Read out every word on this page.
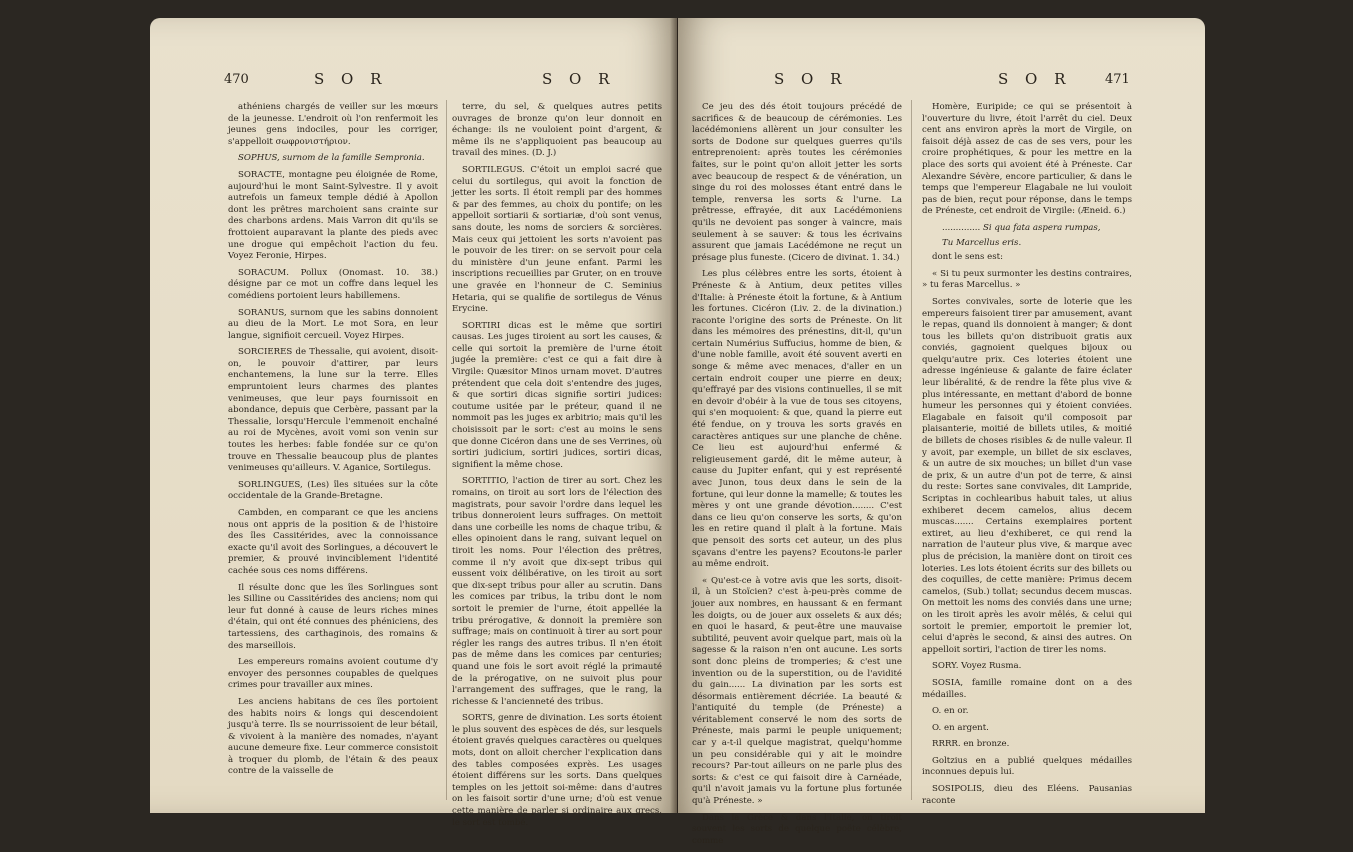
470	S O R	S O R

athéniens chargés de veiller sur les mœurs de la jeunesse. L'endroit où l'on renfermoit les jeunes gens indociles, pour les corriger, s'appelloit σωφρονιστήριον.

SOPHUS, surnom de la famille Sempronia.

SORACTE, montagne peu éloignée de Rome, aujourd'hui le mont Saint-Sylvestre. Il y avoit autrefois un fameux temple dédié à Apollon dont les prêtres marchoient sans crainte sur des charbons ardens. Mais Varron dit qu'ils se frottoient auparavant la plante des pieds avec une drogue qui empêchoit l'action du feu. Voyez Feronie, Hirpes.

SORACUM. Pollux (Onomast. 10. 38.) désigne par ce mot un coffre dans lequel les comédiens portoient leurs habillemens.

SORANUS, surnom que les sabins donnoient au dieu de la Mort. Le mot Sora, en leur langue, signifioit cercueil. Voyez Hirpes.

SORCIERES de Thessalie, qui avoient, disoit-on, le pouvoir d'attirer, par leurs enchantemens, la lune sur la terre. Elles empruntoient leurs charmes des plantes venimeuses, que leur pays fournissoit en abondance, depuis que Cerbère, passant par la Thessalie, lorsqu'Hercule l'emmenoit enchaîné au roi de Mycènes, avoit vomi son venin sur toutes les herbes: fable fondée sur ce qu'on trouve en Thessalie beaucoup plus de plantes venimeuses qu'ailleurs. V. Aganice, Sortilegus.

SORLINGUES, (Les) îles situées sur la côte occidentale de la Grande-Bretagne.

Cambden, en comparant ce que les anciens nous ont appris de la position & de l'histoire des îles Cassitérides, avec la connoissance exacte qu'il avoit des Sorlingues, a découvert le premier, & prouvé invinciblement l'identité cachée sous ces noms différens.

Il résulte donc que les îles Sorlingues sont les Silline ou Cassitérides des anciens; nom qui leur fut donné à cause de leurs riches mines d'étain, qui ont été connues des phéniciens, des tartessiens, des carthaginois, des romains & des marseillois.

Les empereurs romains avoient coutume d'y envoyer des personnes coupables de quelques crimes pour travailler aux mines.

Les anciens habitans de ces îles portoient des habits noirs & longs qui descendoient jusqu'à terre. Ils se nourrissoient de leur bétail, & vivoient à la manière des nomades, n'ayant aucune demeure fixe. Leur commerce consistoit à troquer du plomb, de l'étain & des peaux contre de la vaisselle de

terre, du sel, & quelques autres petits ouvrages de bronze qu'on leur donnoit en échange: ils ne vouloient point d'argent, & même ils ne s'appliquoient pas beaucoup au travail des mines. (D. J.)

SORTILEGUS. C'étoit un emploi sacré que celui du sortilegus, qui avoit la fonction de jetter les sorts. Il étoit rempli par des hommes & par des femmes, au choix du pontife; on les appelloit sortiarii & sortiariæ, d'où sont venus, sans doute, les noms de sorciers & sorcières. Mais ceux qui jettoient les sorts n'avoient pas le pouvoir de les tirer: on se servoit pour cela du ministère d'un jeune enfant. Parmi les inscriptions recueillies par Gruter, on en trouve une gravée en l'honneur de C. Seminius Hetaria, qui se qualifie de sortilegus de Vénus Erycine.

SORTIRI dicas est le même que sortiri causas. Les juges tiroient au sort les causes, & celle qui sortoit la première de l'urne étoit jugée la première: c'est ce qui a fait dire à Virgile: Quæsitor Minos urnam movet. D'autres prétendent que cela doit s'entendre des juges, & que sortiri dicas signifie sortiri judices: coutume usitée par le préteur, quand il ne nommoit pas les juges ex arbitrio; mais qu'il les choisissoit par le sort: c'est au moins le sens que donne Cicéron dans une de ses Verrines, où sortiri judicium, sortiri judices, sortiri dicas, signifient la même chose.

SORTITIO, l'action de tirer au sort. Chez les romains, on tiroit au sort lors de l'élection des magistrats, pour savoir l'ordre dans lequel les tribus donneroient leurs suffrages. On mettoit dans une corbeille les noms de chaque tribu, & elles opinoient dans le rang, suivant lequel on tiroit les noms. Pour l'élection des prêtres, comme il n'y avoit que dix-sept tribus qui eussent voix délibérative, on les tiroit au sort que dix-sept tribus pour aller au scrutin. Dans les comices par tribus, la tribu dont le nom sortoit le premier de l'urne, étoit appellée la tribu prérogative, & donnoit la première son suffrage; mais on continuoit à tirer au sort pour régler les rangs des autres tribus. Il n'en étoit pas de même dans les comices par centuries; quand une fois le sort avoit réglé la primauté de la prérogative, on ne suivoit plus pour l'arrangement des suffrages, que le rang, la richesse & l'ancienneté des tribus.

SORTS, genre de divination. Les sorts étoient le plus souvent des espèces de dés, sur lesquels étoient gravés quelques caractères ou quelques mots, dont on alloit chercher l'explication dans des tables composées exprès. Les usages étoient différens sur les sorts. Dans quelques temples on les jettoit soi-même: dans d'autres on les faisoit sortir d'une urne; d'où est venue cette manière de parler si ordinaire aux grecs, le sort est tombé.

S O R	S O R	471

Ce jeu des dés étoit toujours précédé de sacrifices & de beaucoup de cérémonies. Les lacédémoniens allèrent un jour consulter les sorts de Dodone sur quelques guerres qu'ils entreprenoient: après toutes les cérémonies faites, sur le point qu'on alloit jetter les sorts avec beaucoup de respect & de vénération, un singe du roi des molosses étant entré dans le temple, renversa les sorts & l'urne. La prêtresse, effrayée, dit aux Lacédémoniens qu'ils ne devoient pas songer à vaincre, mais seulement à se sauver: & tous les écrivains assurent que jamais Lacédémone ne reçut un présage plus funeste. (Cicero de divinat. 1. 34.)

Les plus célèbres entre les sorts, étoient à Préneste & à Antium, deux petites villes d'Italie: à Préneste étoit la fortune, & à Antium les fortunes. Cicéron (Liv. 2. de la divination.) raconte l'origine des sorts de Préneste. On lit dans les mémoires des prénestins, dit-il, qu'un certain Numérius Suffucius, homme de bien, & d'une noble famille, avoit été souvent averti en songe & même avec menaces, d'aller en un certain endroit couper une pierre en deux; qu'effrayé par des visions continuelles, il se mit en devoir d'obéir à la vue de tous ses citoyens, qui s'en moquoient: & que, quand la pierre eut été fendue, on y trouva les sorts gravés en caractères antiques sur une planche de chêne. Ce lieu est aujourd'hui enfermé & religieusement gardé, dit le même auteur, à cause du Jupiter enfant, qui y est représenté avec Junon, tous deux dans le sein de la fortune, qui leur donne la mamelle; & toutes les mères y ont une grande dévotion........ C'est dans ce lieu qu'on conserve les sorts, & qu'on les en retire quand il plaît à la fortune. Mais que pensoit des sorts cet auteur, un des plus sçavans d'entre les payens? Ecoutons-le parler au même endroit.

« Qu'est-ce à votre avis que les sorts, disoit-il, à un Stoïcien? c'est à-peu-près comme de jouer aux nombres, en haussant & en fermant les doigts, ou de jouer aux osselets & aux dés; en quoi le hasard, & peut-être une mauvaise subtilité, peuvent avoir quelque part, mais où la sagesse & la raison n'en ont aucune. Les sorts sont donc pleins de tromperies; & c'est une invention ou de la superstition, ou de l'avidité du gain...... La divination par les sorts est désormais entièrement décriée. La beauté & l'antiquité du temple (de Préneste) a véritablement conservé le nom des sorts de Préneste, mais parmi le peuple uniquement; car y a-t-il quelque magistrat, quelqu'homme un peu considérable qui y ait le moindre recours? Par-tout ailleurs on ne parle plus des sorts: & c'est ce qui faisoit dire à Carnéade, qu'il n'avoit jamais vu la fortune plus fortunée qu'à Préneste. »

Dans la Grèce & dans l'Italie, on tiroit souvent les sorts de quelque poëte célèbre, comme

Homère, Euripide; ce qui se présentoit à l'ouverture du livre, étoit l'arrêt du ciel. Deux cent ans environ après la mort de Virgile, on faisoit déjà assez de cas de ses vers, pour les croire prophétiques, & pour les mettre en la place des sorts qui avoient été à Préneste. Car Alexandre Sévère, encore particulier, & dans le temps que l'empereur Elagabale ne lui vouloit pas de bien, reçut pour réponse, dans le temps de Préneste, cet endroit de Virgile: (Æneid. 6.)

.............. Si qua fata aspera rumpas,

Tu Marcellus eris.

dont le sens est:

« Si tu peux surmonter les destins contraires, » tu feras Marcellus. »

Sortes convivales, sorte de loterie que les empereurs faisoient tirer par amusement, avant le repas, quand ils donnoient à manger; & dont tous les billets qu'on distribuoit gratis aux conviés, gagnoient quelques bijoux ou quelqu'autre prix. Ces loteries étoient une adresse ingénieuse & galante de faire éclater leur libéralité, & de rendre la fête plus vive & plus intéressante, en mettant d'abord de bonne humeur les personnes qui y étoient conviées. Elagabale en faisoit qu'il composoit par plaisanterie, moitié de billets utiles, & moitié de billets de choses risibles & de nulle valeur. Il y avoit, par exemple, un billet de six esclaves, & un autre de six mouches; un billet d'un vase de prix, & un autre d'un pot de terre, & ainsi du reste: Sortes sane convivales, dit Lampride, Scriptas in cochlearibus habuit tales, ut alius exhiberet decem camelos, alius decem muscas....... Certains exemplaires portent extiret, au lieu d'exhiberet, ce qui rend la narration de l'auteur plus vive, & marque avec plus de précision, la manière dont on tiroit ces loteries. Les lots étoient écrits sur des billets ou des coquilles, de cette manière: Primus decem camelos, (Sub.) tollat; secundus decem muscas. On mettoit les noms des conviés dans une urne; on les tiroit après les avoir mêlés, & celui qui sortoit le premier, emportoit le premier lot, celui d'après le second, & ainsi des autres. On appelloit sortiri, l'action de tirer les noms.

SORY. Voyez Rusma.

SOSIA, famille romaine dont on a des médailles.

O. en or.

O. en argent.

RRRR. en bronze.

Goltzius en a publié quelques médailles inconnues depuis lui.

SOSIPOLIS, dieu des Eléens. Pausanias raconte
